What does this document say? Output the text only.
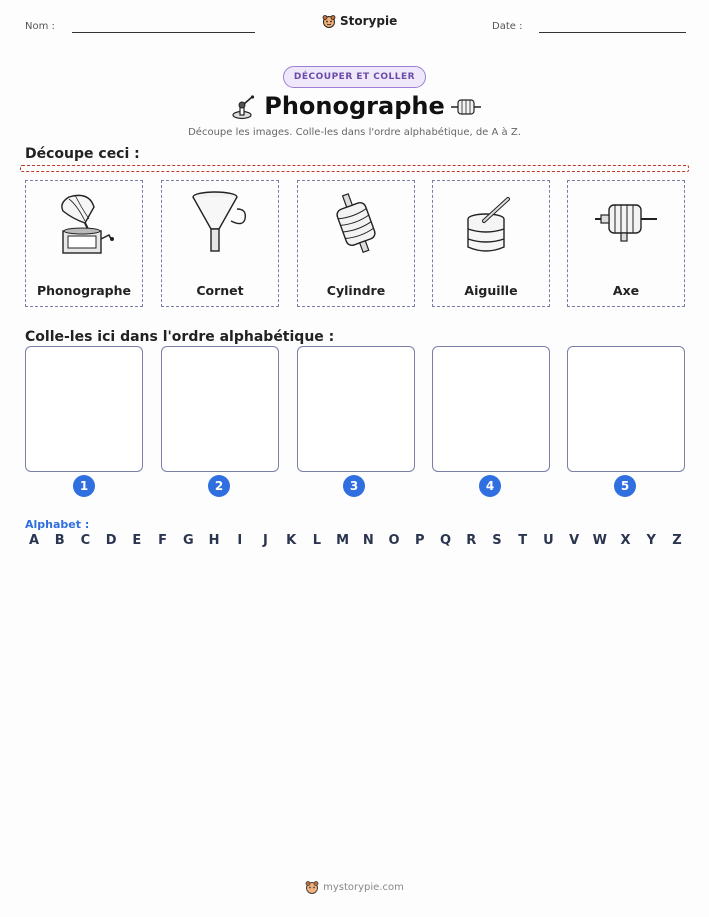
Nom :	Storypie	Date :
DÉCOUPER ET COLLER
Phonographe
Découpe les images. Colle-les dans l'ordre alphabétique, de A à Z.
Découpe ceci :
Phonographe	Cornet	Cylindre	Aiguille	Axe
Colle-les ici dans l'ordre alphabétique :
1	2	3	4	5
Alphabet :
A	B	C	D	E	F	G H	I	J	K	L	M N O	P	Q	R	S	T	U	V	W	X	Y	Z
mystorypie.com
